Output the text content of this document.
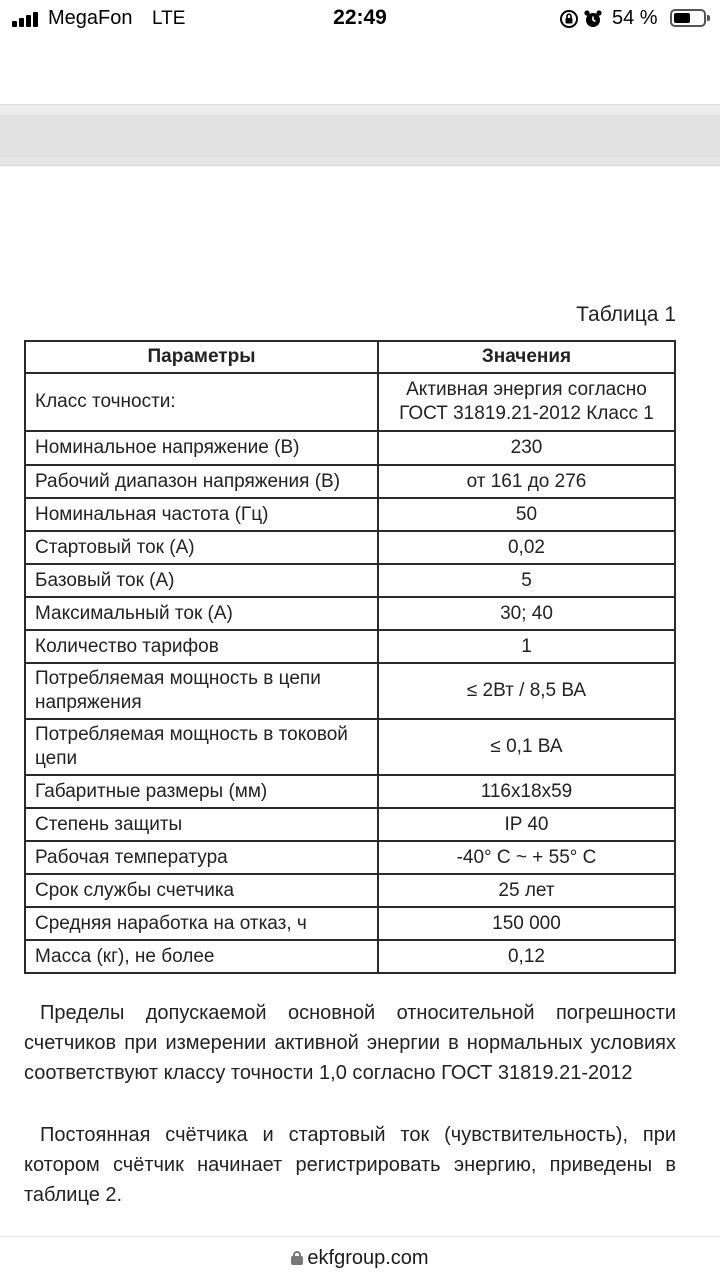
MegaFon LTE	22:49	54 %
Таблица 1
Параметры	Значения
Класс точности:	Активная энергия согласно ГОСТ 31819.21-2012 Класс 1
Номинальное напряжение (В)	230
Рабочий диапазон напряжения (В)	от 161 до 276
Номинальная частота (Гц)	50
Стартовый ток (А)	0,02
Базовый ток (А)	5
Максимальный ток (А)	30; 40
Количество тарифов	1
Потребляемая мощность в цепи напряжения	≤ 2Вт / 8,5 ВА
Потребляемая мощность в токовой цепи	≤ 0,1 ВА
Габаритные размеры (мм)	116х18х59
Степень защиты	IP 40
Рабочая температура	-40° С ~ + 55° С
Срок службы счетчика	25 лет
Средняя наработка на отказ, ч	150 000
Масса (кг), не более	0,12

Пределы допускаемой основной относительной погрешности счетчиков при измерении активной энергии в нормальных условиях соответствуют классу точности 1,0 согласно ГОСТ 31819.21-2012

Постоянная счётчика и стартовый ток (чувствительность), при котором счётчик начинает регистрировать энергию, приведены в таблице 2.

ekfgroup.com
